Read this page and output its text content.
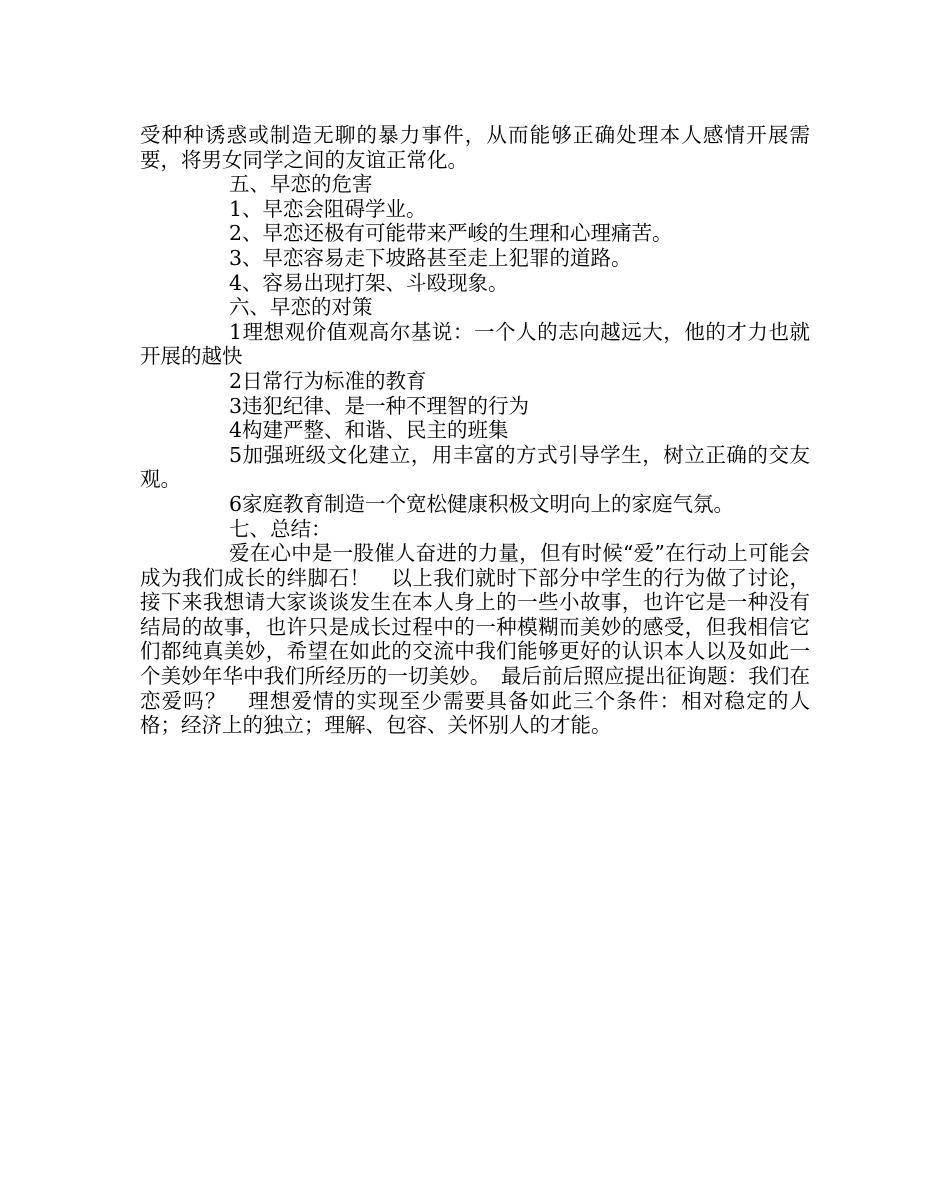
受种种诱惑或制造无聊的暴力事件，从而能够正确处理本人感情开展需要，将男女同学之间的友谊正常化。

五、早恋的危害

1、早恋会阻碍学业。

2、早恋还极有可能带来严峻的生理和心理痛苦。

3、早恋容易走下坡路甚至走上犯罪的道路。

4、容易出现打架、斗殴现象。

六、早恋的对策

1理想观价值观高尔基说：一个人的志向越远大，他的才力也就开展的越快

2日常行为标准的教育

3违犯纪律、是一种不理智的行为

4构建严整、和谐、民主的班集

5加强班级文化建立，用丰富的方式引导学生，树立正确的交友观。

6家庭教育制造一个宽松健康积极文明向上的家庭气氛。

七、总结：

爱在心中是一股催人奋进的力量，但有时候“爱”在行动上可能会成为我们成长的绊脚石！　以上我们就时下部分中学生的行为做了讨论，接下来我想请大家谈谈发生在本人身上的一些小故事，也许它是一种没有结局的故事，也许只是成长过程中的一种模糊而美妙的感受，但我相信它们都纯真美妙，希望在如此的交流中我们能够更好的认识本人以及如此一个美妙年华中我们所经历的一切美妙。　最后前后照应提出征询题：我们在恋爱吗？　理想爱情的实现至少需要具备如此三个条件：相对稳定的人格；经济上的独立；理解、包容、关怀别人的才能。
